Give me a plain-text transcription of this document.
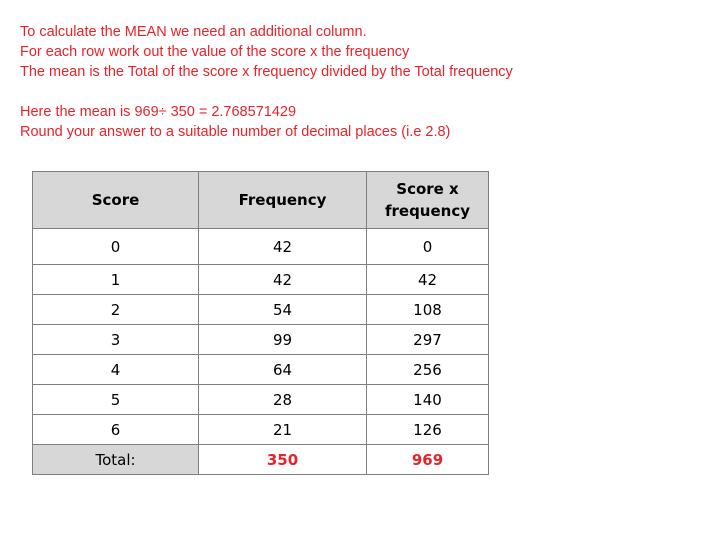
To calculate the MEAN we need an additional column.
For each row work out the value of the score x the frequency
The mean is the Total of the score x frequency divided by the Total frequency
Here the mean is 969÷ 350 = 2.768571429
Round your answer to a suitable number of decimal places (i.e 2.8)
Score	Frequency	Score x frequency
0	42	0
1	42	42
2	54	108
3	99	297
4	64	256
5	28	140
6	21	126
Total:	350	969
